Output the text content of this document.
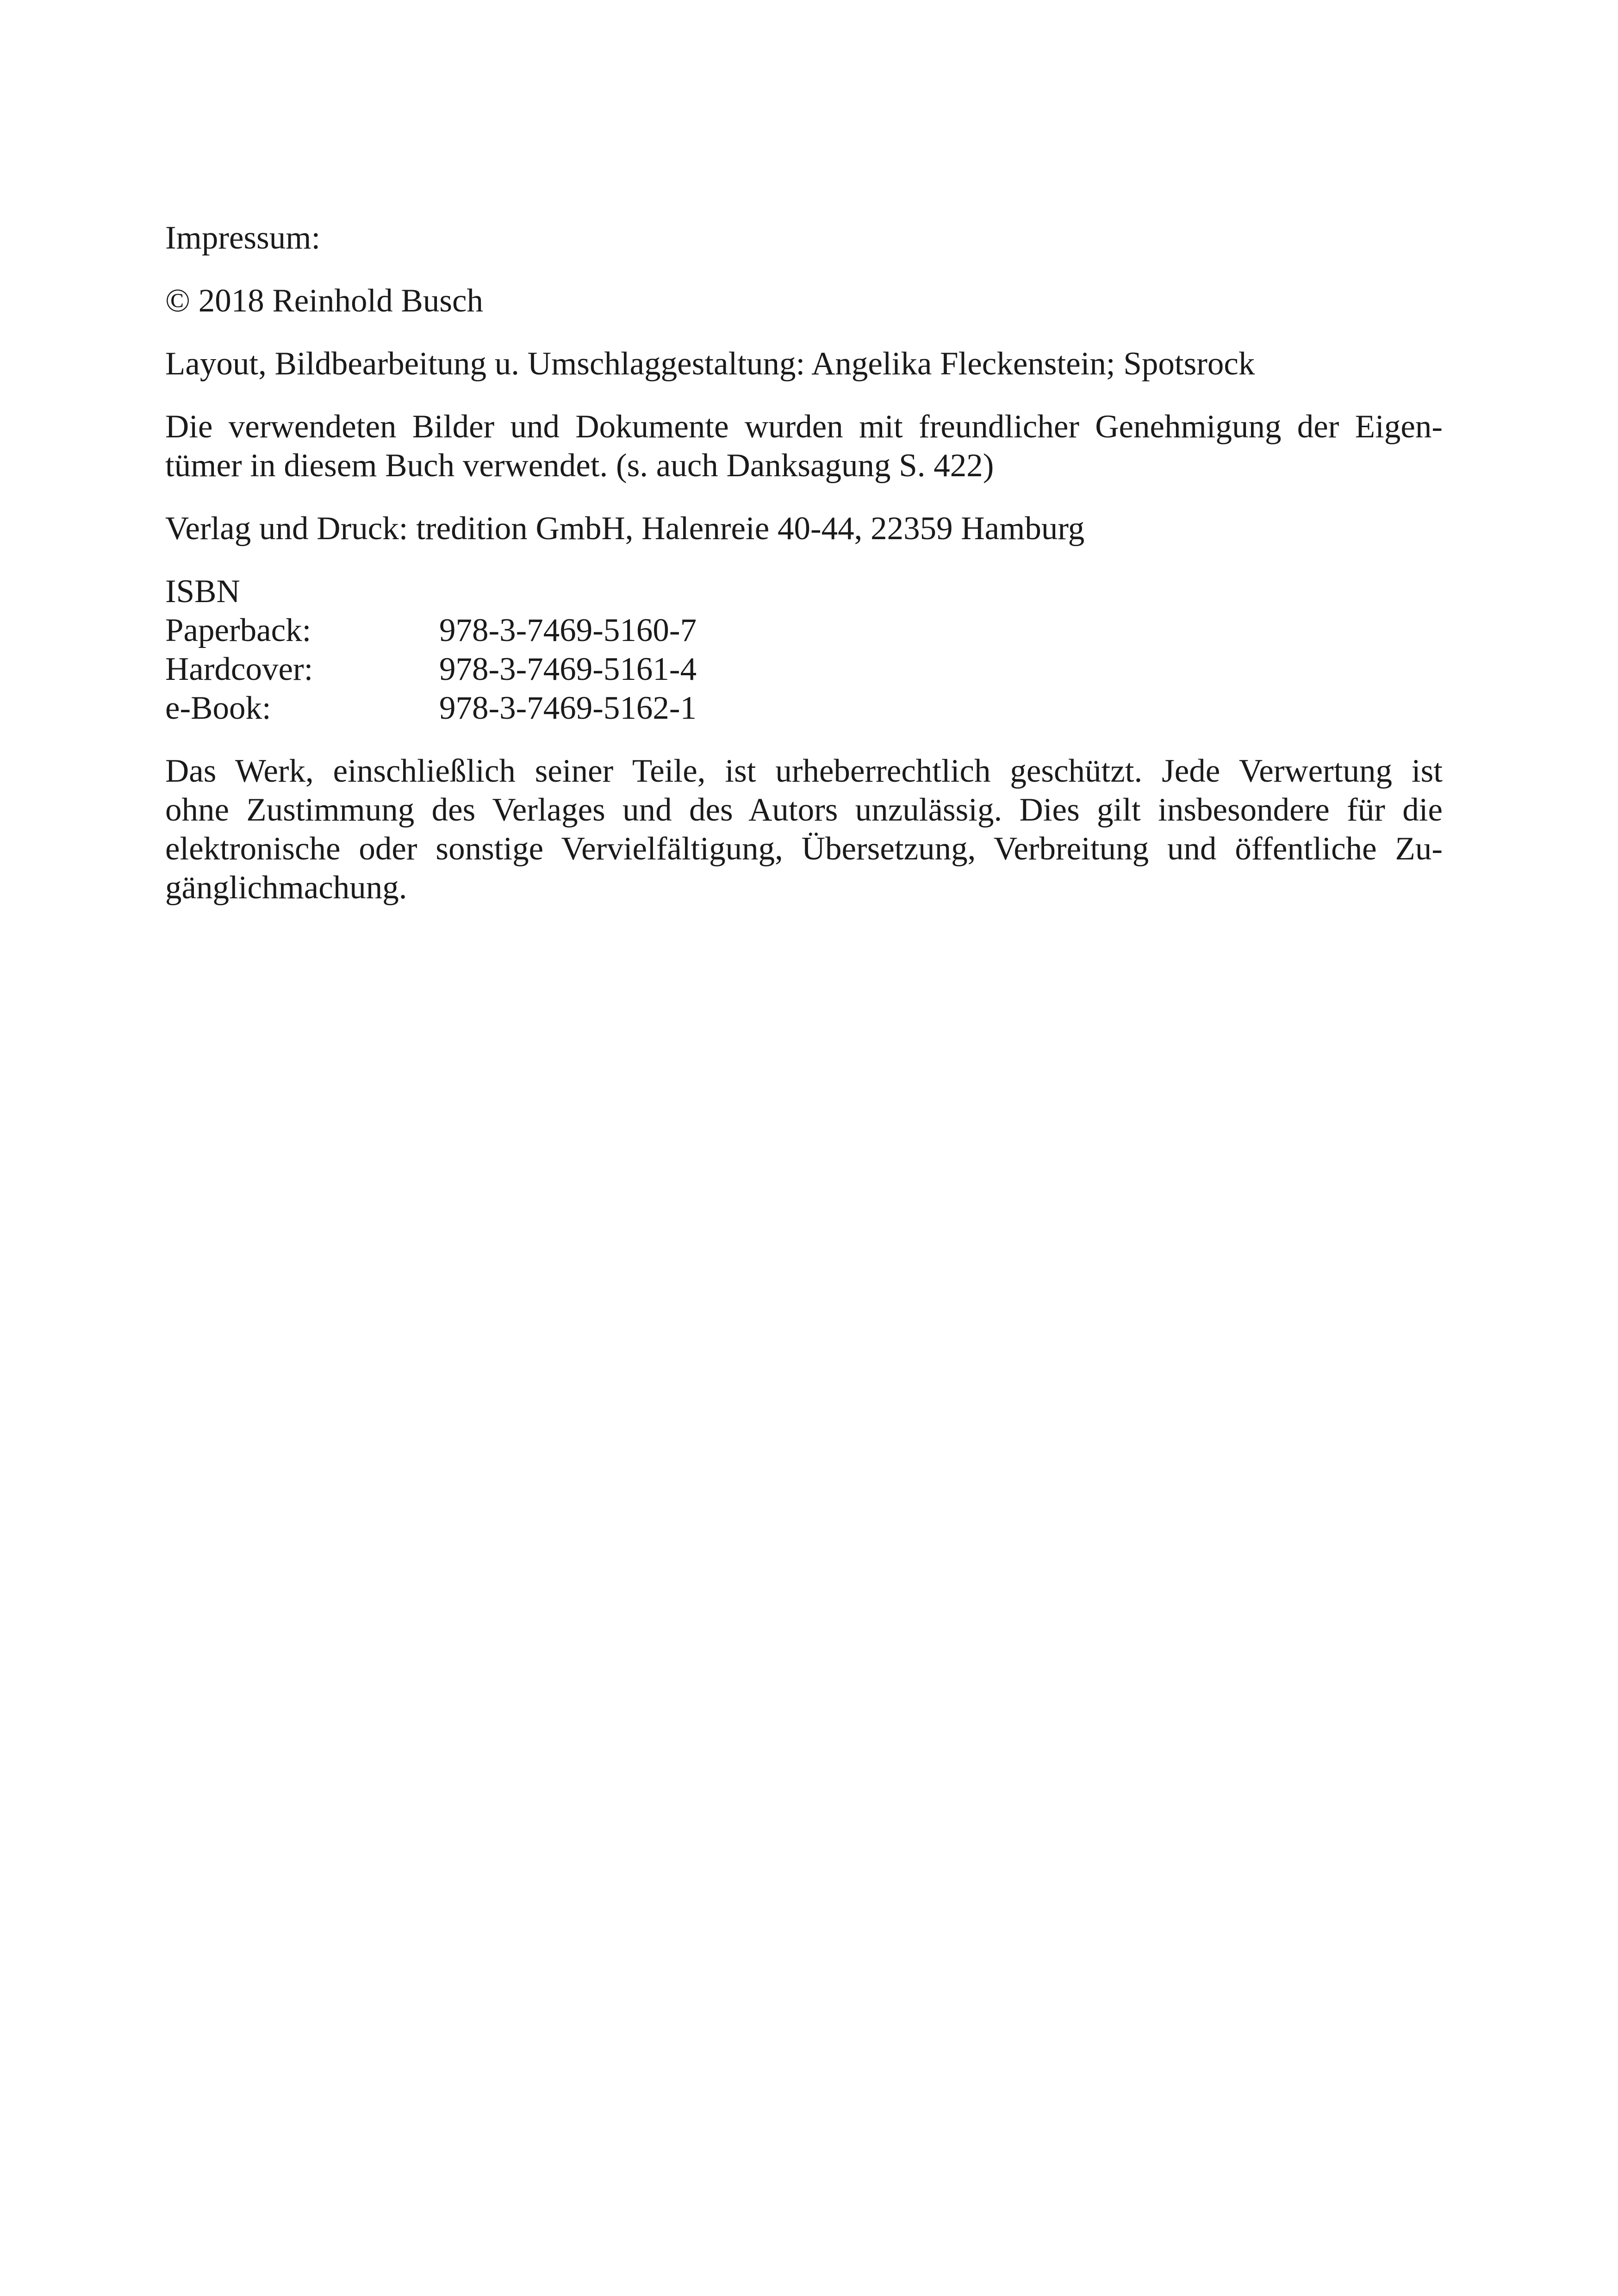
Impressum:
© 2018 Reinhold Busch
Layout, Bildbearbeitung u. Umschlaggestaltung: Angelika Fleckenstein; Spotsrock
Die verwendeten Bilder und Dokumente wurden mit freundlicher Genehmigung der Eigen-
tümer in diesem Buch verwendet. (s. auch Danksagung S. 422)
Verlag und Druck: tredition GmbH, Halenreie 40-44, 22359 Hamburg
ISBN
Paperback:	978-3-7469-5160-7
Hardcover:	978-3-7469-5161-4
e-Book:	978-3-7469-5162-1
Das Werk, einschließlich seiner Teile, ist urheberrechtlich geschützt. Jede Verwertung ist
ohne Zustimmung des Verlages und des Autors unzulässig. Dies gilt insbesondere für die
elektronische oder sonstige Vervielfältigung, Übersetzung, Verbreitung und öffentliche Zu-
gänglichmachung.
